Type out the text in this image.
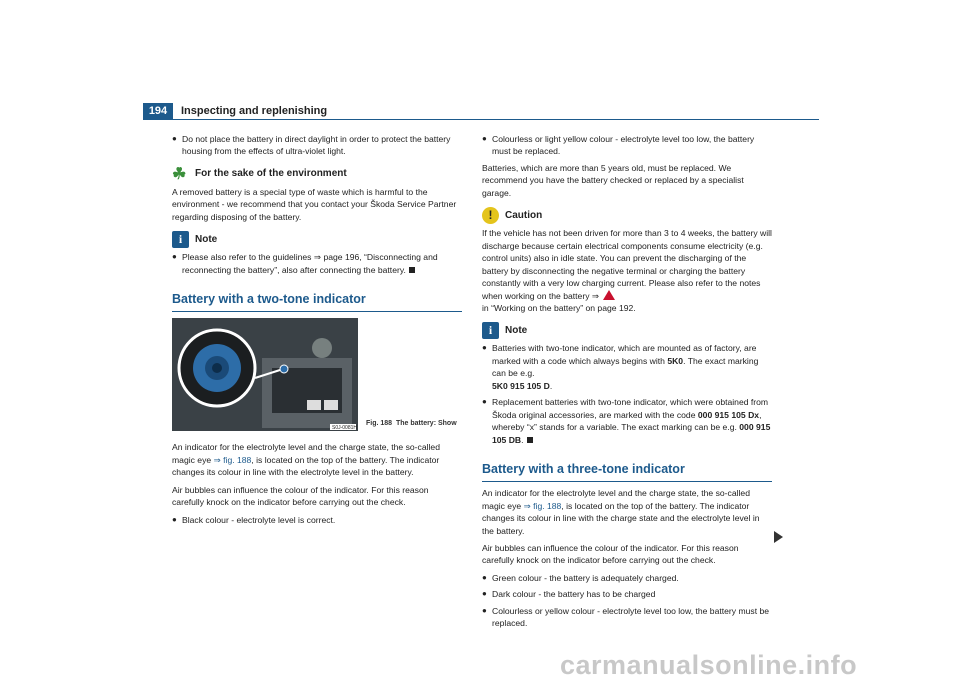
194	Inspecting and replenishing
● Do not place the battery in direct daylight in order to protect the battery housing from the effects of ultra-violet light.
☘ For the sake of the environment

A removed battery is a special type of waste which is harmful to the environment - we recommend that you contact your Škoda Service Partner regarding disposing of the battery.

i	Note
● Please also refer to the guidelines ⇒ page 196, “Disconnecting and reconnecting the battery”, also after connecting the battery.
Battery with a two-tone indicator
S0J-0081H
Fig. 188 The battery: Show

An indicator for the electrolyte level and the charge state, the so-called magic eye ⇒ fig. 188, is located on the top of the battery. The indicator changes its colour in line with the electrolyte level in the battery.

Air bubbles can influence the colour of the indicator. For this reason carefully knock on the indicator before carrying out the check.

● Black colour - electrolyte level is correct.
● Colourless or light yellow colour - electrolyte level too low, the battery must be replaced.

Batteries, which are more than 5 years old, must be replaced. We recommend you have the battery checked or replaced by a specialist garage.

!	Caution

If the vehicle has not been driven for more than 3 to 4 weeks, the battery will discharge because certain electrical components consume electricity (e.g. control units) also in idle state. You can prevent the discharging of the battery by disconnecting the negative terminal or charging the battery constantly with a very low charging current. Please also refer to the notes when working on the battery ⇒
in “Working on the battery” on page 192.

i	Note
● Batteries with two-tone indicator, which are mounted as of factory, are marked with a code which always begins with 5K0. The exact marking can be e.g.
5K0 915 105 D.
● Replacement batteries with two-tone indicator, which were obtained from Škoda original accessories, are marked with the code 000 915 105 Dx, whereby “x” stands for a variable. The exact marking can be e.g. 000 915 105 DB.
Battery with a three-tone indicator

An indicator for the electrolyte level and the charge state, the so-called magic eye ⇒ fig. 188, is located on the top of the battery. The indicator changes its colour in line with the charge state and the electrolyte level in the battery.

Air bubbles can influence the colour of the indicator. For this reason carefully knock on the indicator before carrying out the check.

● Green colour - the battery is adequately charged.
● Dark colour - the battery has to be charged
● Colourless or yellow colour - electrolyte level too low, the battery must be replaced.
carmanualsonline.info
